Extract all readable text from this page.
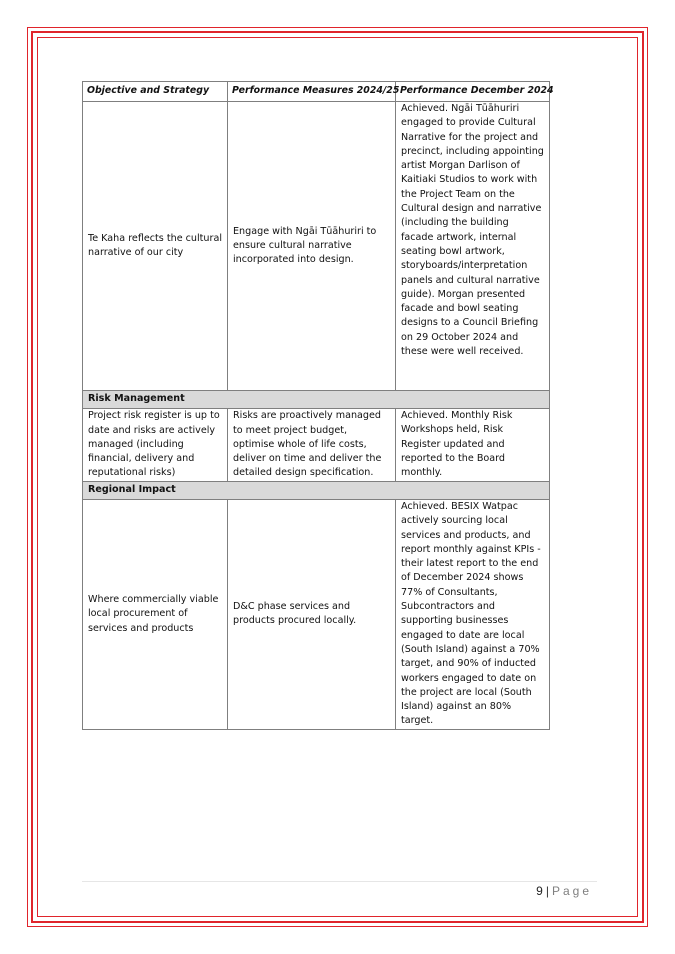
Objective and Strategy	Performance Measures 2024/25	Performance December 2024
Te Kaha reflects the cultural narrative of our city	Engage with Ngāi Tūāhuriri to ensure cultural narrative incorporated into design.	Achieved. Ngāi Tūāhuriri engaged to provide Cultural Narrative for the project and precinct, including appointing artist Morgan Darlison of Kaitiaki Studios to work with the Project Team on the Cultural design and narrative (including the building facade artwork, internal seating bowl artwork, storyboards/interpretation panels and cultural narrative guide). Morgan presented facade and bowl seating designs to a Council Briefing on 29 October 2024 and these were well received.
Risk Management		
Project risk register is up to date and risks are actively managed (including financial, delivery and reputational risks)	Risks are proactively managed to meet project budget, optimise whole of life costs, deliver on time and deliver the detailed design specification.	Achieved. Monthly Risk Workshops held, Risk Register updated and reported to the Board monthly.
Regional Impact		
Where commercially viable local procurement of services and products	D&C phase services and products procured locally.	Achieved. BESIX Watpac actively sourcing local services and products, and report monthly against KPIs - their latest report to the end of December 2024 shows 77% of Consultants, Subcontractors and supporting businesses engaged to date are local (South Island) against a 70% target, and 90% of inducted workers engaged to date on the project are local (South Island) against an 80% target.
9 | Page
